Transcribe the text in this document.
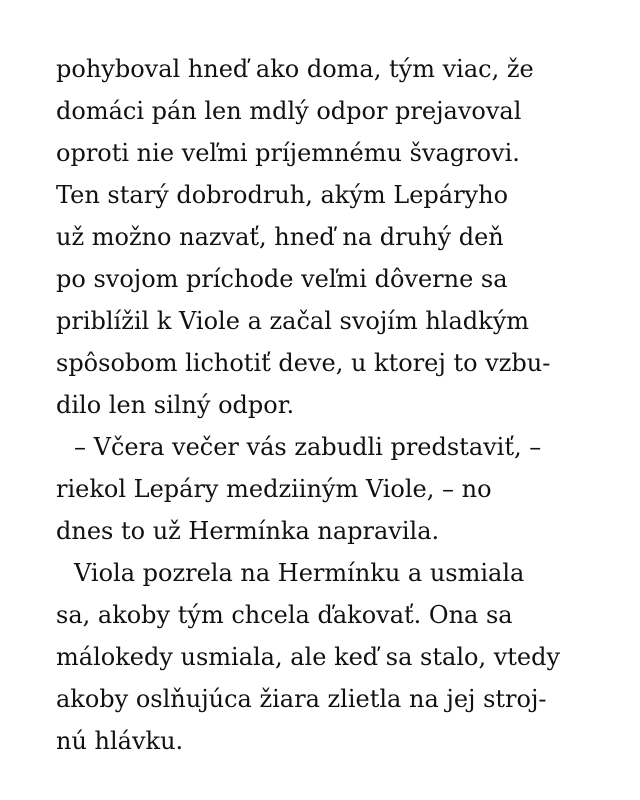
pohyboval hneď ako doma, tým viac, že
domáci pán len mdlý odpor prejavoval
oproti nie veľmi príjemnému švagrovi.
Ten starý dobrodruh, akým Lepáryho
už možno nazvať, hneď na druhý deň
po svojom príchode veľmi dôverne sa
priblížil k Viole a začal svojím hladkým
spôsobom lichotiť deve, u ktorej to vzbu-
dilo len silný odpor.
– Včera večer vás zabudli predstaviť, –
riekol Lepáry medziiným Viole, – no
dnes to už Hermínka napravila.
Viola pozrela na Hermínku a usmiala
sa, akoby tým chcela ďakovať. Ona sa
málokedy usmiala, ale keď sa stalo, vtedy
akoby oslňujúca žiara zlietla na jej stroj-
nú hlávku.
